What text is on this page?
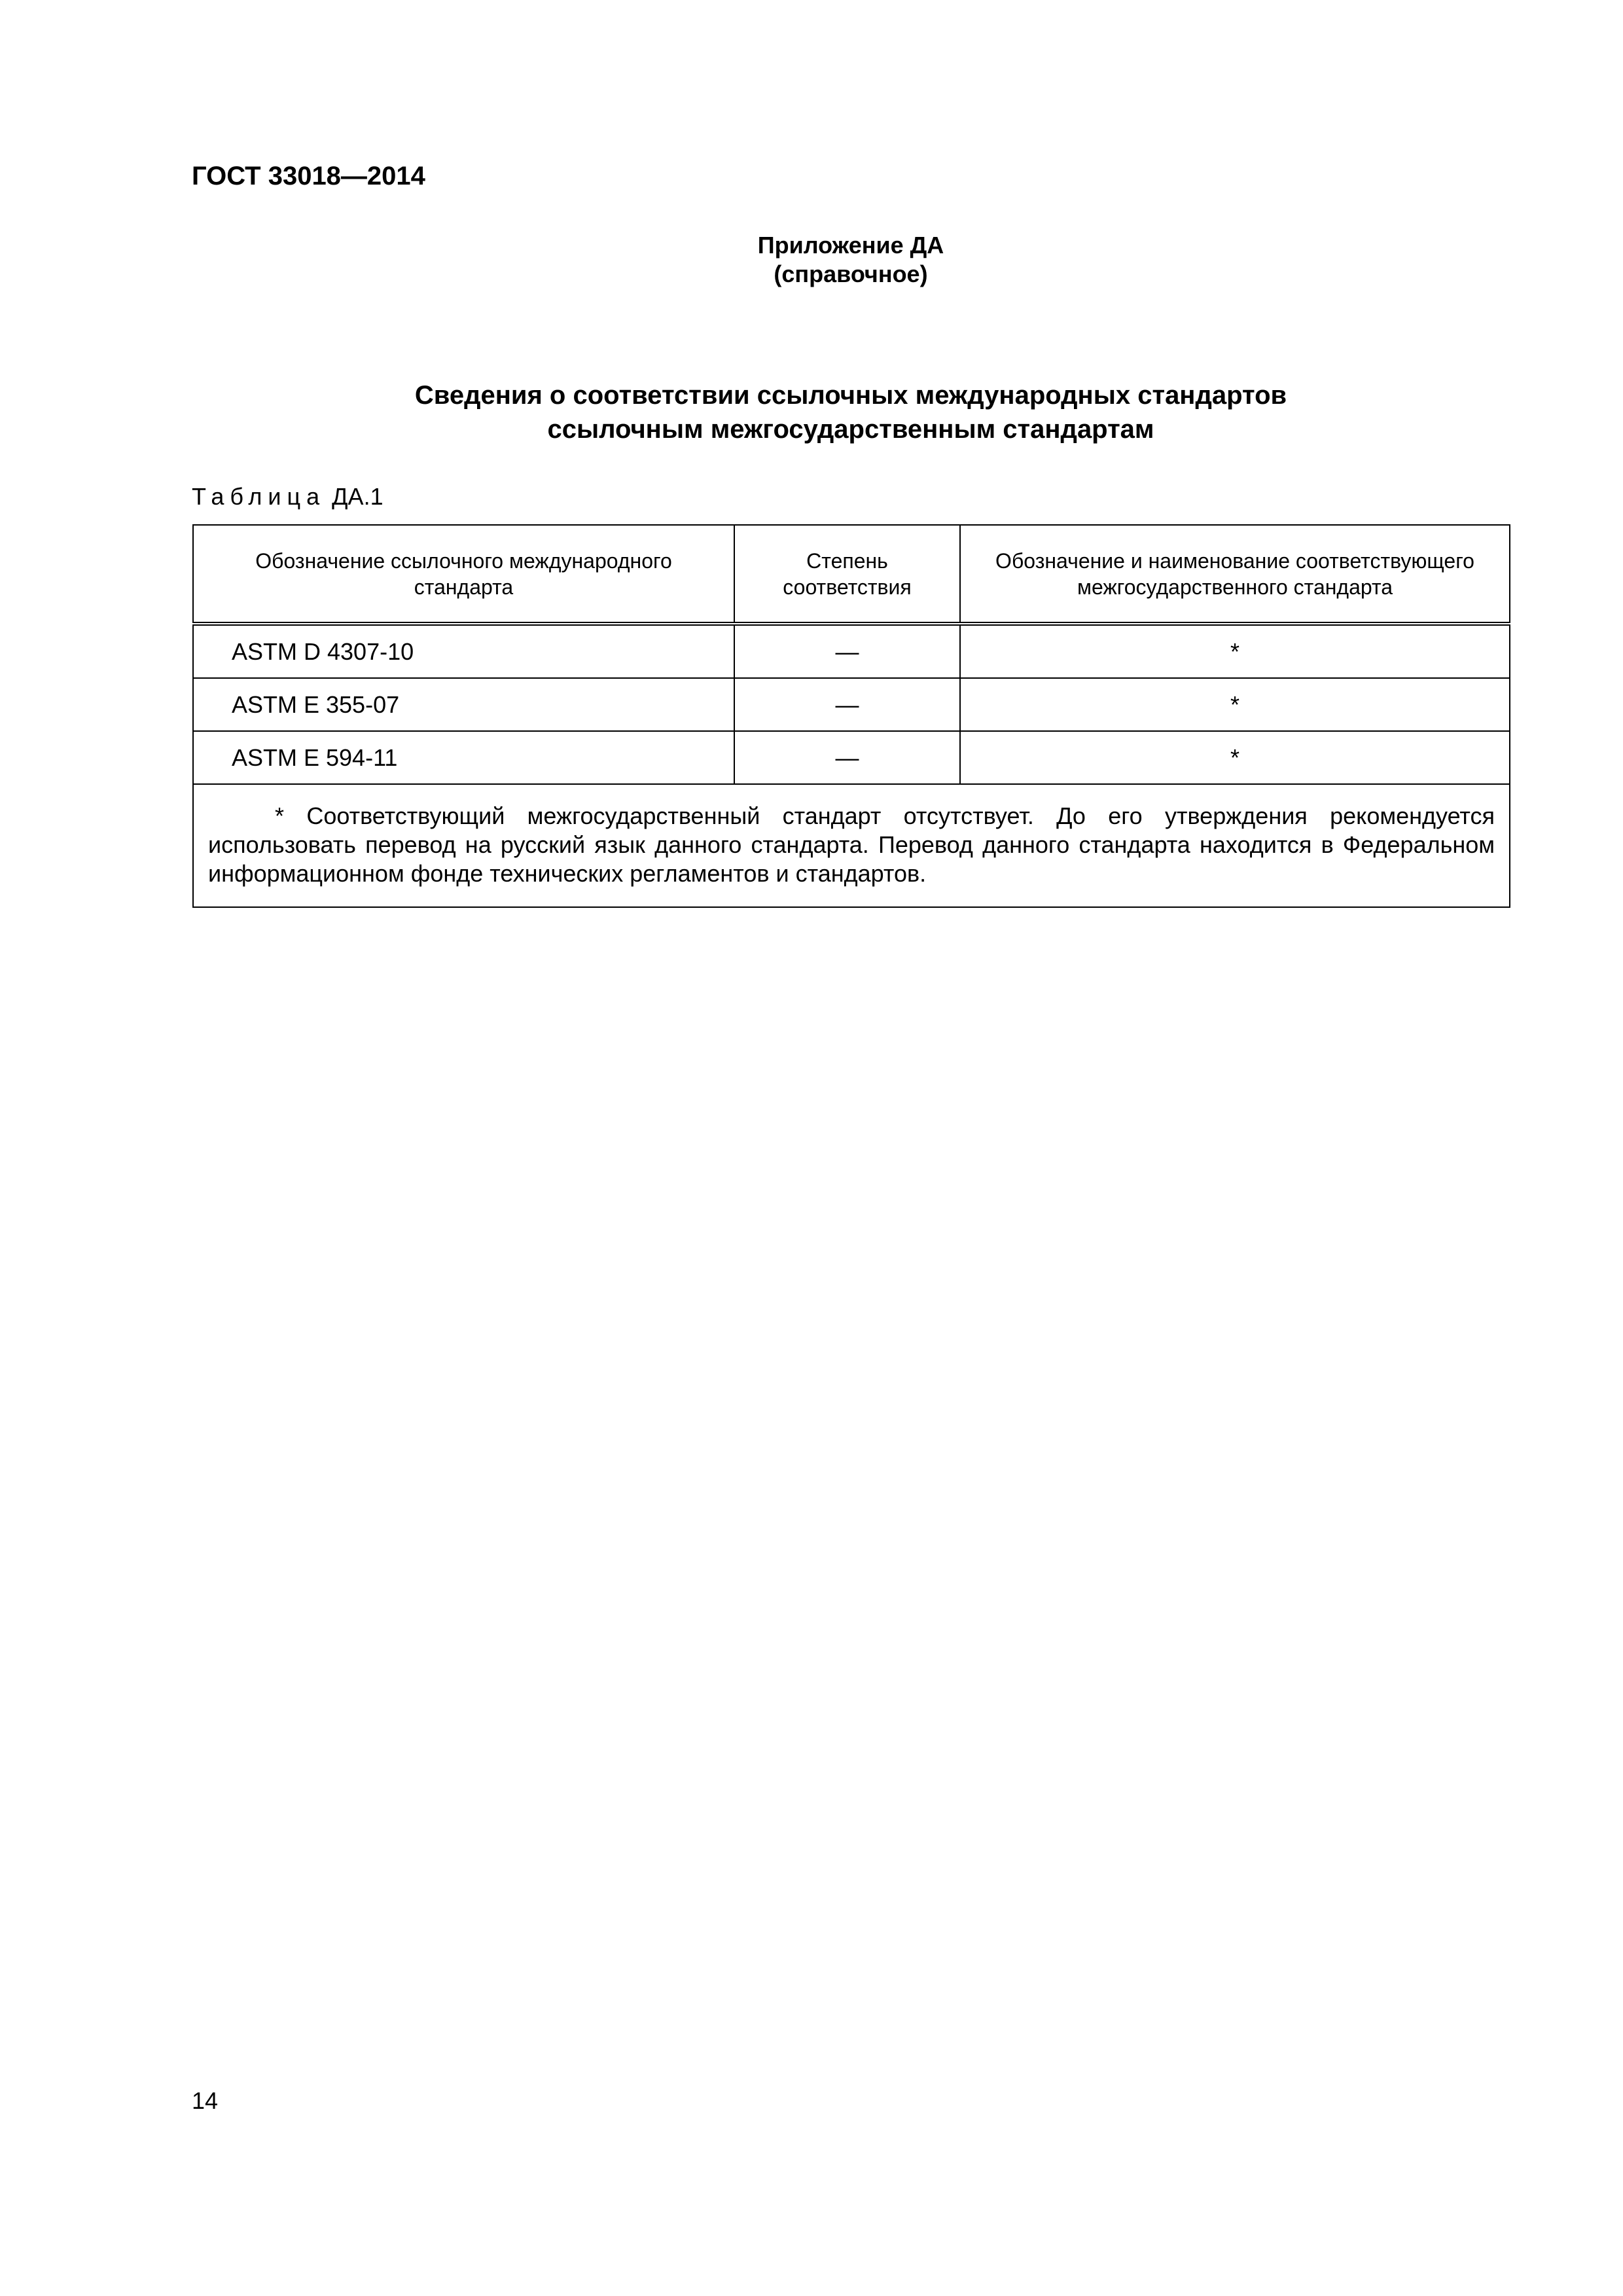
ГОСТ 33018—2014
Приложение ДА
(справочное)
Сведения о соответствии ссылочных международных стандартов
ссылочным межгосударственным стандартам
Таблица ДА.1
Обозначение ссылочного международного стандарта	Степень соответствия	Обозначение и наименование соответствующего межгосударственного стандарта
ASTM D 4307-10	—	*
ASTM E 355-07	—	*
ASTM E 594-11	—	*
* Соответствующий межгосударственный стандарт отсутствует. До его утверждения рекомендуется использовать перевод на русский язык данного стандарта. Перевод данного стандарта находится в Федеральном информационном фонде технических регламентов и стандартов.		
14
